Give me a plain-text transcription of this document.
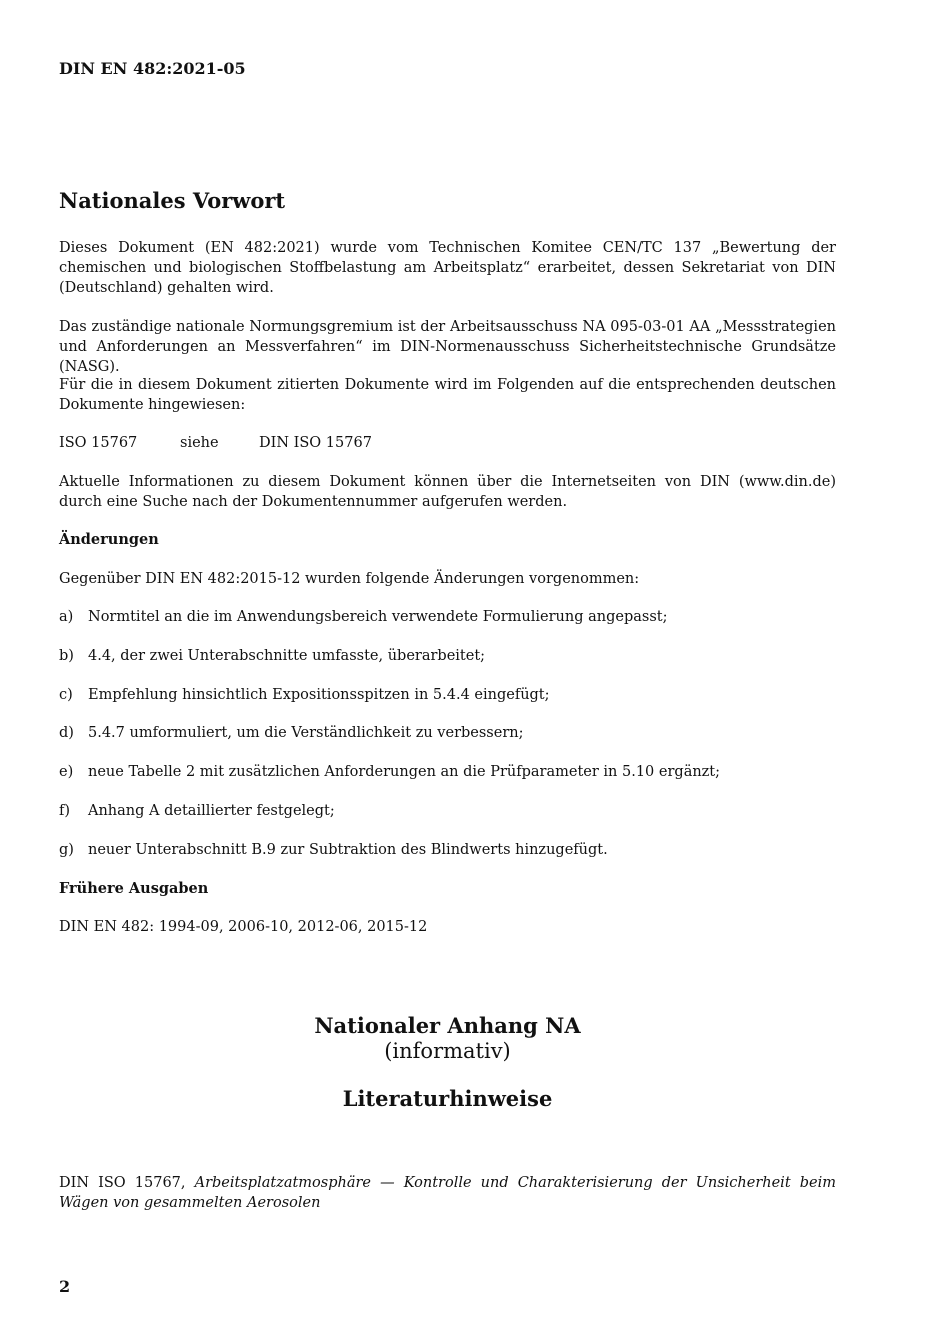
DIN EN 482:2021-05
Nationales Vorwort

Dieses Dokument (EN 482:2021) wurde vom Technischen Komitee CEN/TC 137 „Bewertung der chemischen und biologischen Stoffbelastung am Arbeitsplatz“ erarbeitet, dessen Sekretariat von DIN (Deutschland) gehalten wird.

Das zuständige nationale Normungsgremium ist der Arbeitsausschuss NA 095-03-01 AA „Messstrategien und Anforderungen an Messverfahren“ im DIN-Normenausschuss Sicherheitstechnische Grundsätze (NASG).

Für die in diesem Dokument zitierten Dokumente wird im Folgenden auf die entsprechenden deutschen Dokumente hingewiesen:

ISO 15767	siehe	DIN ISO 15767

Aktuelle Informationen zu diesem Dokument können über die Internetseiten von DIN (www.din.de) durch eine Suche nach der Dokumentennummer aufgerufen werden.

Änderungen

Gegenüber DIN EN 482:2015-12 wurden folgende Änderungen vorgenommen:

a)	Normtitel an die im Anwendungsbereich verwendete Formulierung angepasst;
b) 4.4, der zwei Unterabschnitte umfasste, überarbeitet;
c)	Empfehlung hinsichtlich Expositionsspitzen in 5.4.4 eingefügt;
d) 5.4.7 umformuliert, um die Verständlichkeit zu verbessern;
e)	neue Tabelle 2 mit zusätzlichen Anforderungen an die Prüfparameter in 5.10 ergänzt;
f)	Anhang A detaillierter festgelegt;
g) neuer Unterabschnitt B.9 zur Subtraktion des Blindwerts hinzugefügt.

Frühere Ausgaben

DIN EN 482: 1994-09, 2006-10, 2012-06, 2015-12

Nationaler Anhang NA
(informativ)
Literaturhinweise

DIN ISO 15767, Arbeitsplatzatmosphäre — Kontrolle und Charakterisierung der Unsicherheit beim Wägen von gesammelten Aerosolen

2
